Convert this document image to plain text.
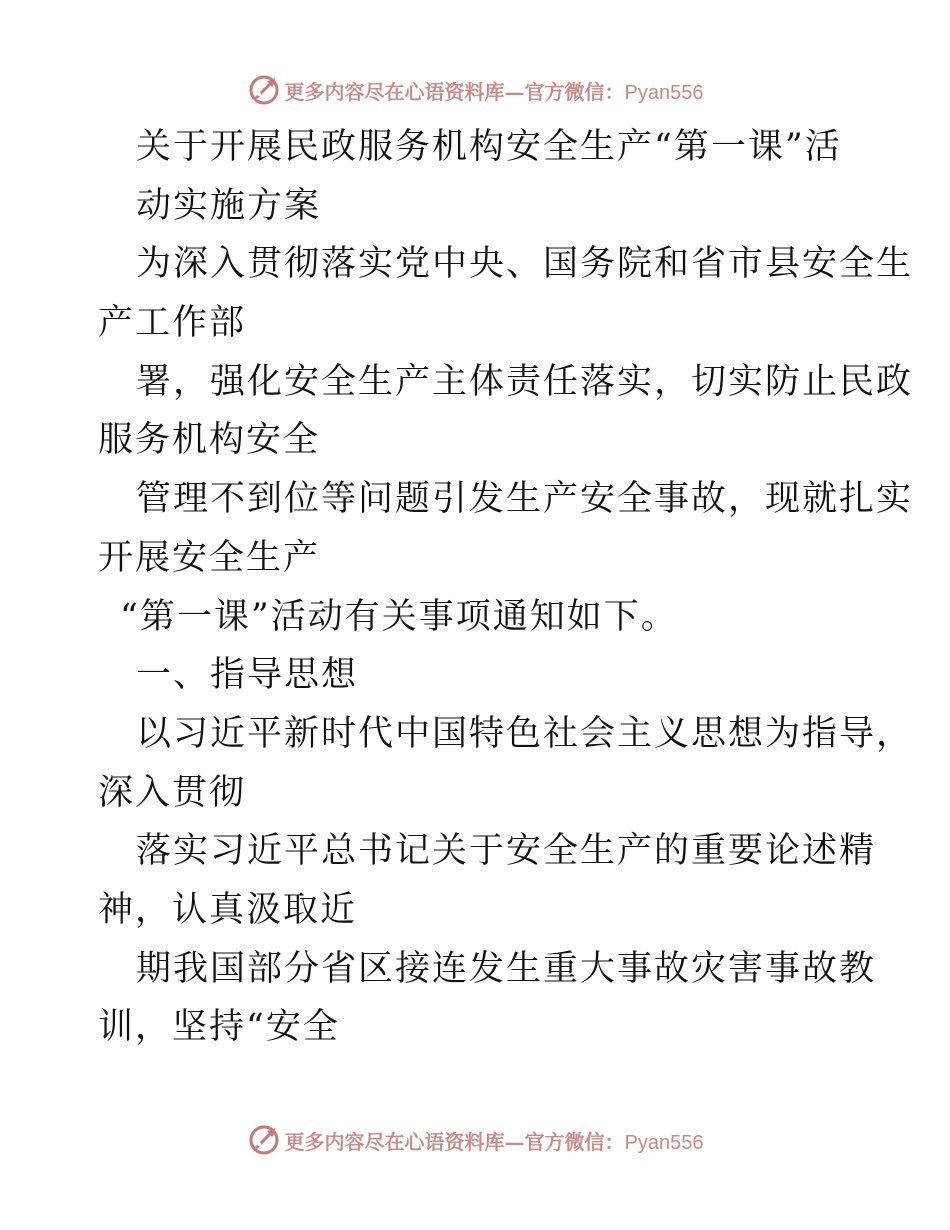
更多内容尽在心语资料库—官方微信：Pyan556
关于开展民政服务机构安全生产“第一课”活
动实施方案
为深入贯彻落实党中央、国务院和省市县安全生
产工作部
署，强化安全生产主体责任落实，切实防止民政
服务机构安全
管理不到位等问题引发生产安全事故，现就扎实
开展安全生产
“第一课”活动有关事项通知如下。
一、指导思想
以习近平新时代中国特色社会主义思想为指导，
深入贯彻
落实习近平总书记关于安全生产的重要论述精
神，认真汲取近
期我国部分省区接连发生重大事故灾害事故教
训，坚持“安全
更多内容尽在心语资料库—官方微信：Pyan556
